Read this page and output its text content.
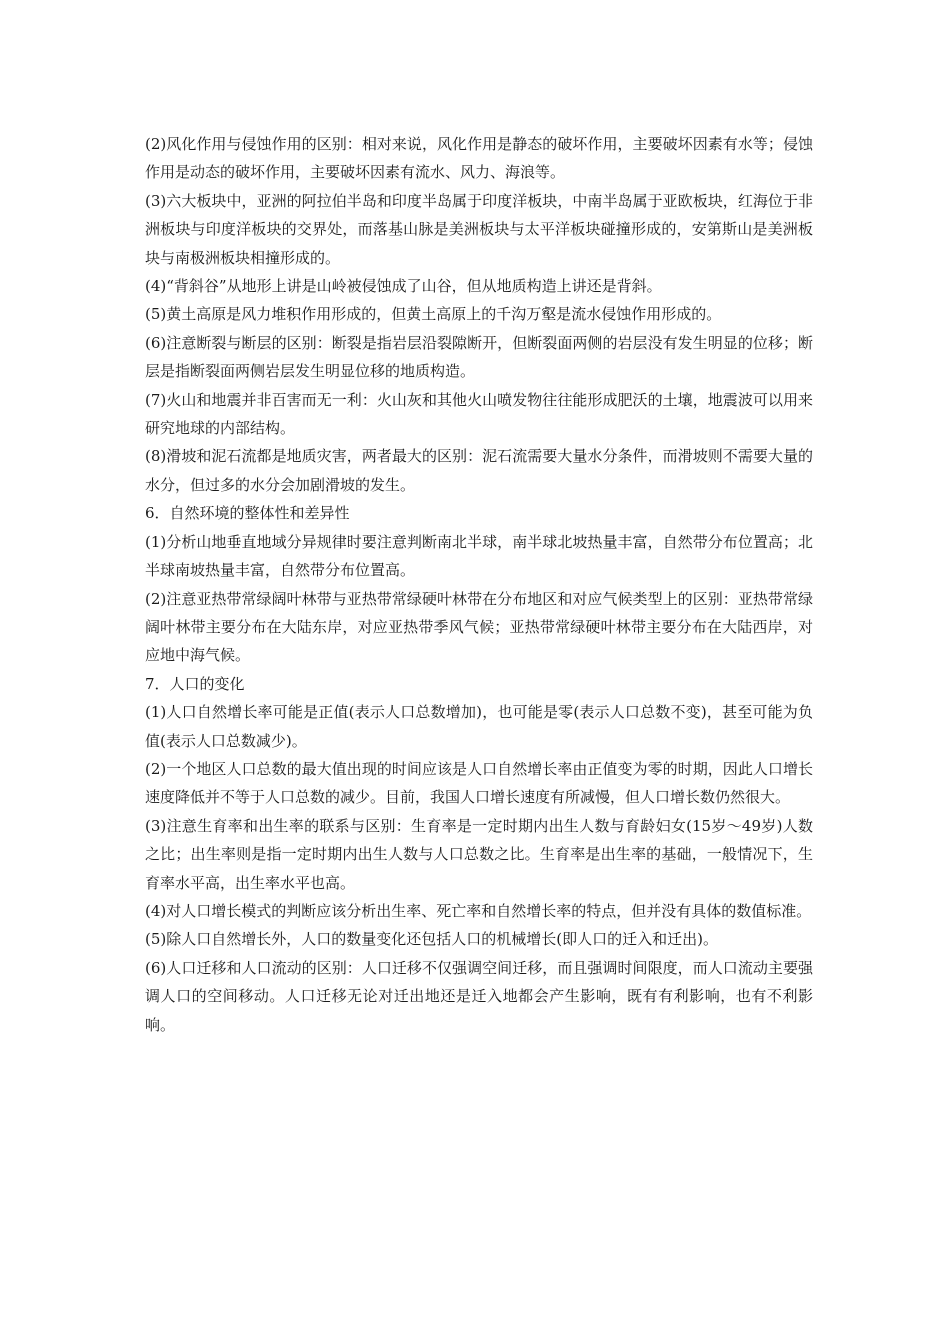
(2)风化作用与侵蚀作用的区别：相对来说，风化作用是静态的破坏作用，主要破坏因素有水等；侵蚀作用是动态的破坏作用，主要破坏因素有流水、风力、海浪等。

(3)六大板块中，亚洲的阿拉伯半岛和印度半岛属于印度洋板块，中南半岛属于亚欧板块，红海位于非洲板块与印度洋板块的交界处，而落基山脉是美洲板块与太平洋板块碰撞形成的，安第斯山是美洲板块与南极洲板块相撞形成的。

(4)“背斜谷”从地形上讲是山岭被侵蚀成了山谷，但从地质构造上讲还是背斜。

(5)黄土高原是风力堆积作用形成的，但黄土高原上的千沟万壑是流水侵蚀作用形成的。

(6)注意断裂与断层的区别：断裂是指岩层沿裂隙断开，但断裂面两侧的岩层没有发生明显的位移；断层是指断裂面两侧岩层发生明显位移的地质构造。

(7)火山和地震并非百害而无一利：火山灰和其他火山喷发物往往能形成肥沃的土壤，地震波可以用来研究地球的内部结构。

(8)滑坡和泥石流都是地质灾害，两者最大的区别：泥石流需要大量水分条件，而滑坡则不需要大量的水分，但过多的水分会加剧滑坡的发生。

6．自然环境的整体性和差异性

(1)分析山地垂直地域分异规律时要注意判断南北半球，南半球北坡热量丰富，自然带分布位置高；北半球南坡热量丰富，自然带分布位置高。

(2)注意亚热带常绿阔叶林带与亚热带常绿硬叶林带在分布地区和对应气候类型上的区别：亚热带常绿阔叶林带主要分布在大陆东岸，对应亚热带季风气候；亚热带常绿硬叶林带主要分布在大陆西岸，对应地中海气候。

7．人口的变化

(1)人口自然增长率可能是正值(表示人口总数增加)，也可能是零(表示人口总数不变)，甚至可能为负值(表示人口总数减少)。

(2)一个地区人口总数的最大值出现的时间应该是人口自然增长率由正值变为零的时期，因此人口增长速度降低并不等于人口总数的减少。目前，我国人口增长速度有所减慢，但人口增长数仍然很大。

(3)注意生育率和出生率的联系与区别：生育率是一定时期内出生人数与育龄妇女(15岁～49岁)人数之比；出生率则是指一定时期内出生人数与人口总数之比。生育率是出生率的基础，一般情况下，生育率水平高，出生率水平也高。

(4)对人口增长模式的判断应该分析出生率、死亡率和自然增长率的特点，但并没有具体的数值标准。

(5)除人口自然增长外，人口的数量变化还包括人口的机械增长(即人口的迁入和迁出)。

(6)人口迁移和人口流动的区别：人口迁移不仅强调空间迁移，而且强调时间限度，而人口流动主要强调人口的空间移动。人口迁移无论对迁出地还是迁入地都会产生影响，既有有利影响，也有不利影响。
